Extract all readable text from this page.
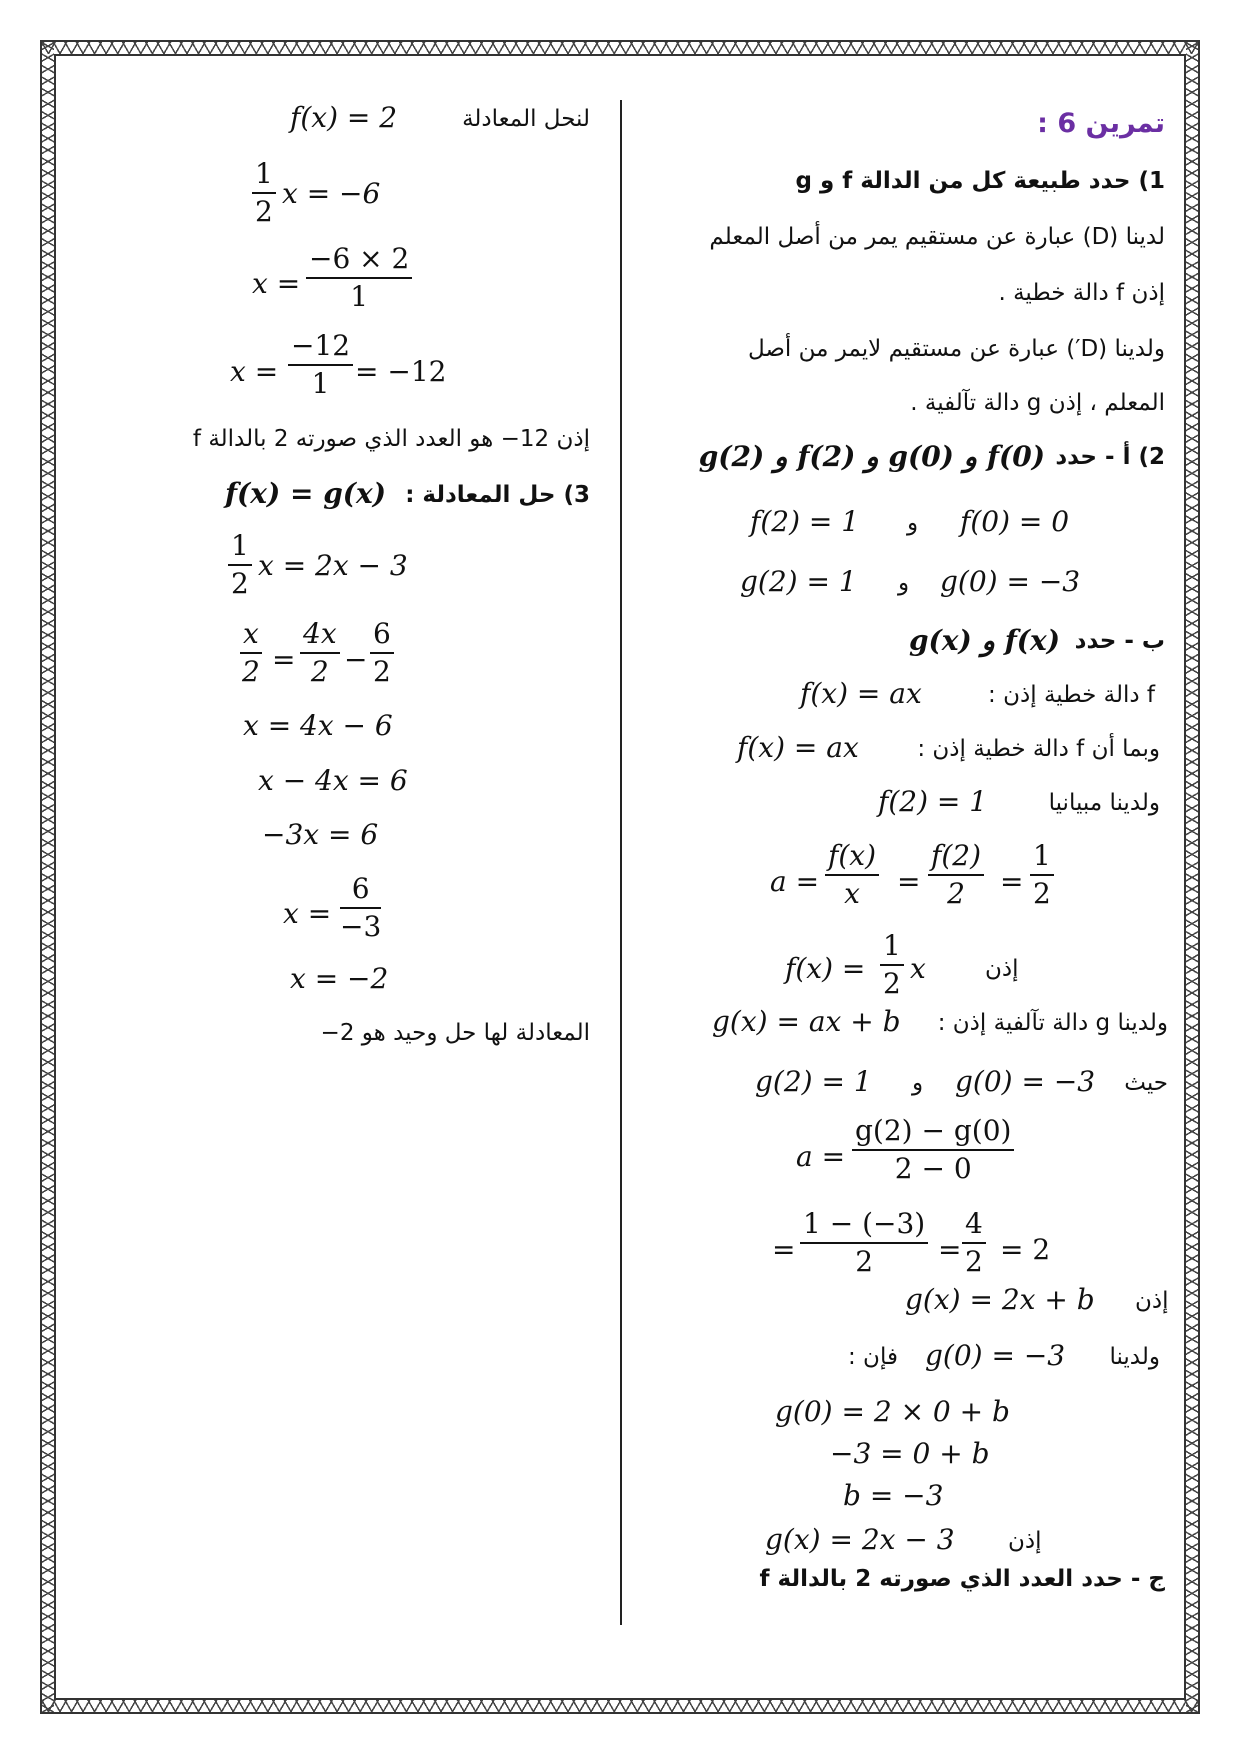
تمرين 6 :
1) حدد طبيعة كل من الدالة f و g
لدينا (D) عبارة عن مستقيم يمر من أصل المعلم
إذن f دالة خطية .
ولدينا (D′) عبارة عن مستقيم لايمر من أصل
المعلم ، إذن g دالة تآلفية .
2) أ - حدد
f(0) و g(0) و f(2) و g(2)
f(2) = 1 و f(0) = 0
g(2) = 1 و g(0) = −3
ب - حدد
f(x) و g(x)
f دالة خطية إذن :
f(x) = ax
وبما أن f دالة خطية إذن :
f(x) = ax
ولدينا مبيانيا
f(2) = 1
$a = \frac{f(x)}{x} = \frac{f(2)}{2} = \frac{1}{2}$
إذن
$f(x) = \frac{1}{2}$ x
ولدينا g دالة تآلفية إذن :
g(x) = ax + b
حيث
g(0) = −3
و
g(2) = 1
$a = \frac{g(2) - g(0)}{2 - 0}$
= $\frac{1 - (-3)}{2} = \frac{4}{2} = 2$
إذن
g(x) = 2x + b
ولدينا
g(0) = −3
فإن :
g(0) = 2 × 0 + b
−3 = 0 + b
b = −3
إذن
g(x) = 2x − 3
ج - حدد العدد الذي صورته 2 بالدالة f
لنحل المعادلة
f(x) = 2
$\frac{1}{2}$ x = −6
$x = \frac{-6 \times 2}{1}$
$x = \frac{-12}{1} = -12$
إذن 12− هو العدد الذي صورته 2 بالدالة f
3) حل المعادلة :
f(x) = g(x)
$\frac{1}{2}$ x = 2x − 3
$\frac{x}{2} = \frac{4x}{2} - \frac{6}{2}$
x = 4x − 6
x − 4x = 6
−3x = 6
$x = \frac{6}{-3}$
x = −2
المعادلة لها حل وحيد هو 2−
